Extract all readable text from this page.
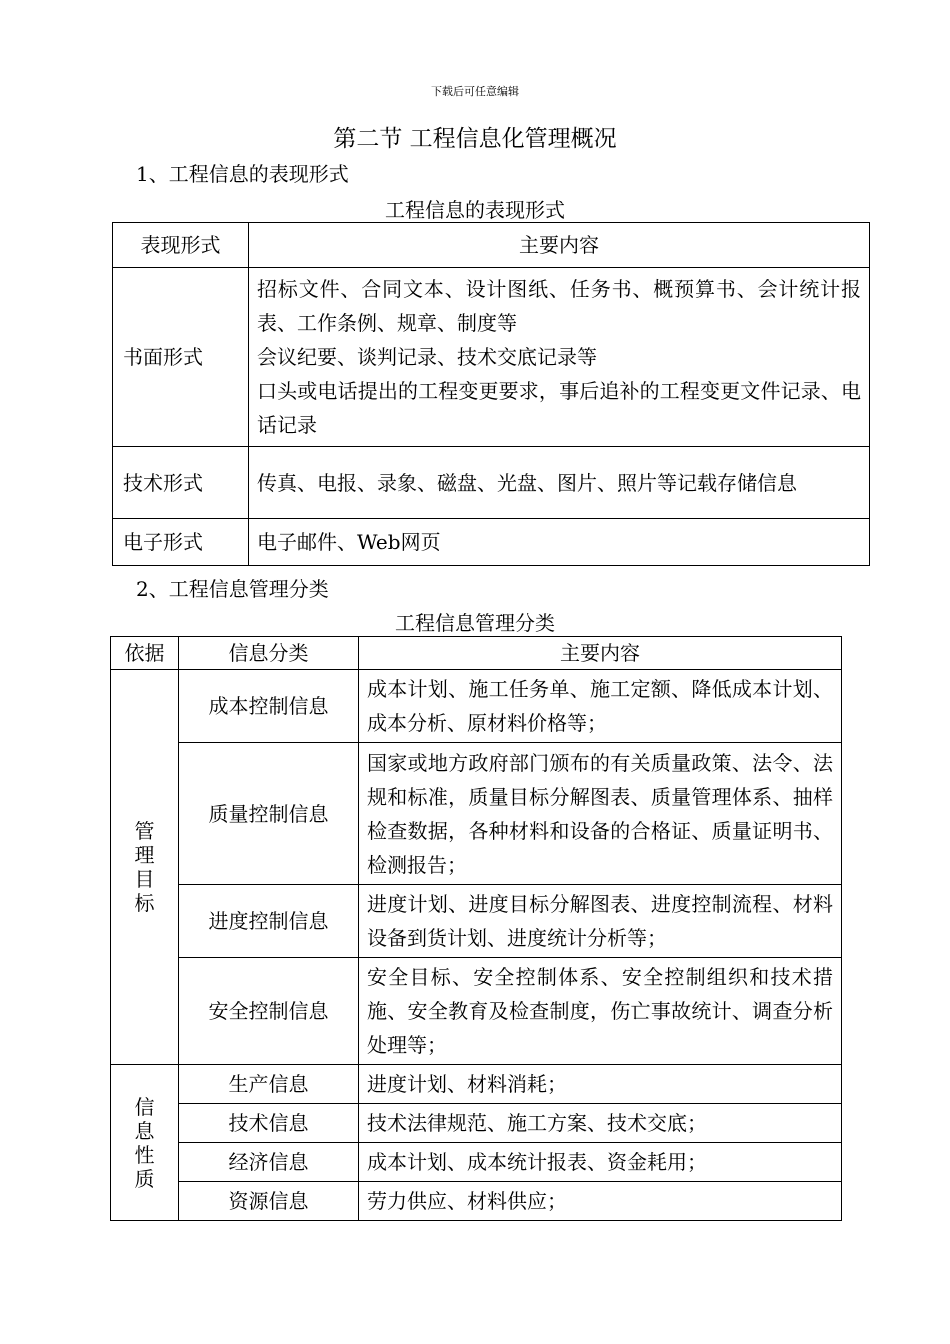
下载后可任意编辑
第二节 工程信息化管理概况
1、工程信息的表现形式
工程信息的表现形式
表现形式	主要内容
书面形式	招标文件、合同文本、设计图纸、任务书、概预算书、会计统计报表、工作条例、规章、制度等
会议纪要、谈判记录、技术交底记录等
口头或电话提出的工程变更要求，事后追补的工程变更文件记录、电话记录

技术形式	传真、电报、录象、磁盘、光盘、图片、照片等记载存储信息

电子形式	电子邮件、Web网页
2、工程信息管理分类
工程信息管理分类
依据	信息分类	主要内容

管
理
目
标	成本控制信息	成本计划、施工任务单、施工定额、降低成本计划、成本分析、原材料价格等；
	质量控制信息	国家或地方政府部门颁布的有关质量政策、法令、法规和标准，质量目标分解图表、质量管理体系、抽样检查数据，各种材料和设备的合格证、质量证明书、检测报告；
	进度控制信息	进度计划、进度目标分解图表、进度控制流程、材料设备到货计划、进度统计分析等；
	安全控制信息	安全目标、安全控制体系、安全控制组织和技术措施、安全教育及检查制度，伤亡事故统计、调查分析处理等；

信
息
性
质	生产信息	进度计划、材料消耗；
	技术信息	技术法律规范、施工方案、技术交底；
	经济信息	成本计划、成本统计报表、资金耗用；
	资源信息	劳力供应、材料供应；
